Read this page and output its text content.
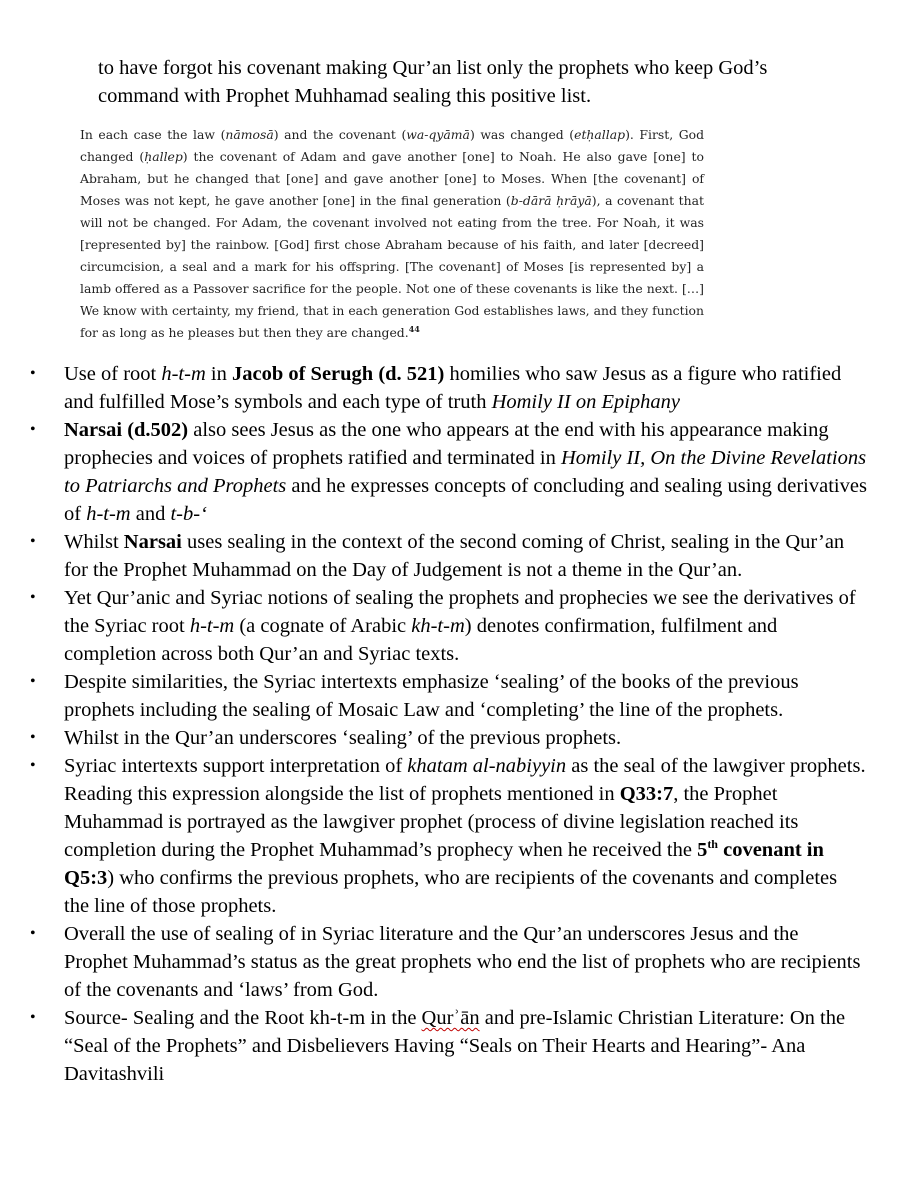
to have forgot his covenant making Qur’an list only the prophets who keep God’s
command with Prophet Muhhamad sealing this positive list.

In each case the law (nāmosā) and the covenant (wa-qyāmā) was changed (etḥallap). First, God changed (ḥallep) the covenant of Adam and gave another [one] to Noah. He also gave [one] to Abraham, but he changed that [one] and gave another [one] to Moses. When [the covenant] of Moses was not kept, he gave another [one] in the final generation (b-dārā ḥrāyā), a covenant that will not be changed. For Adam, the covenant involved not eating from the tree. For Noah, it was [represented by] the rainbow. [God] first chose Abraham because of his faith, and later [decreed] circumcision, a seal and a mark for his offspring. [The covenant] of Moses [is represented by] a lamb offered as a Passover sacrifice for the people. Not one of these covenants is like the next. […] We know with certainty, my friend, that in each generation God establishes laws, and they function for as long as he pleases but then they are changed.$^{44}$

• Use of root h-t-m in Jacob of Serugh (d. 521) homilies who saw Jesus as a figure who ratified and fulfilled Mose’s symbols and each type of truth Homily II on Epiphany
• Narsai (d.502) also sees Jesus as the one who appears at the end with his appearance making prophecies and voices of prophets ratified and terminated in Homily II, On the Divine Revelations to Patriarchs and Prophets and he expresses concepts of concluding and sealing using derivatives of h-t-m and t-b-‘
• Whilst Narsai uses sealing in the context of the second coming of Christ, sealing in the Qur’an for the Prophet Muhammad on the Day of Judgement is not a theme in the Qur’an.
• Yet Qur’anic and Syriac notions of sealing the prophets and prophecies we see the derivatives of the Syriac root h-t-m (a cognate of Arabic kh-t-m) denotes confirmation, fulfilment and completion across both Qur’an and Syriac texts.
• Despite similarities, the Syriac intertexts emphasize ‘sealing’ of the books of the previous prophets including the sealing of Mosaic Law and ‘completing’ the line of the prophets.
• Whilst in the Qur’an underscores ‘sealing’ of the previous prophets.
• Syriac intertexts support interpretation of khatam al-nabiyyin as the seal of the lawgiver prophets. Reading this expression alongside the list of prophets mentioned in Q33:7, the Prophet Muhammad is portrayed as the lawgiver prophet (process of divine legislation reached its completion during the Prophet Muhammad’s prophecy when he received the 5th covenant in Q5:3) who confirms the previous prophets, who are recipients of the covenants and completes the line of those prophets.
• Overall the use of sealing of in Syriac literature and the Qur’an underscores Jesus and the Prophet Muhammad’s status as the great prophets who end the list of prophets who are recipients of the covenants and ‘laws’ from God.
• Source- Sealing and the Root kh-t-m in the Qurʾān and pre-Islamic Christian Literature: On the “Seal of the Prophets” and Disbelievers Having “Seals on Their Hearts and Hearing”- Ana Davitashvili
